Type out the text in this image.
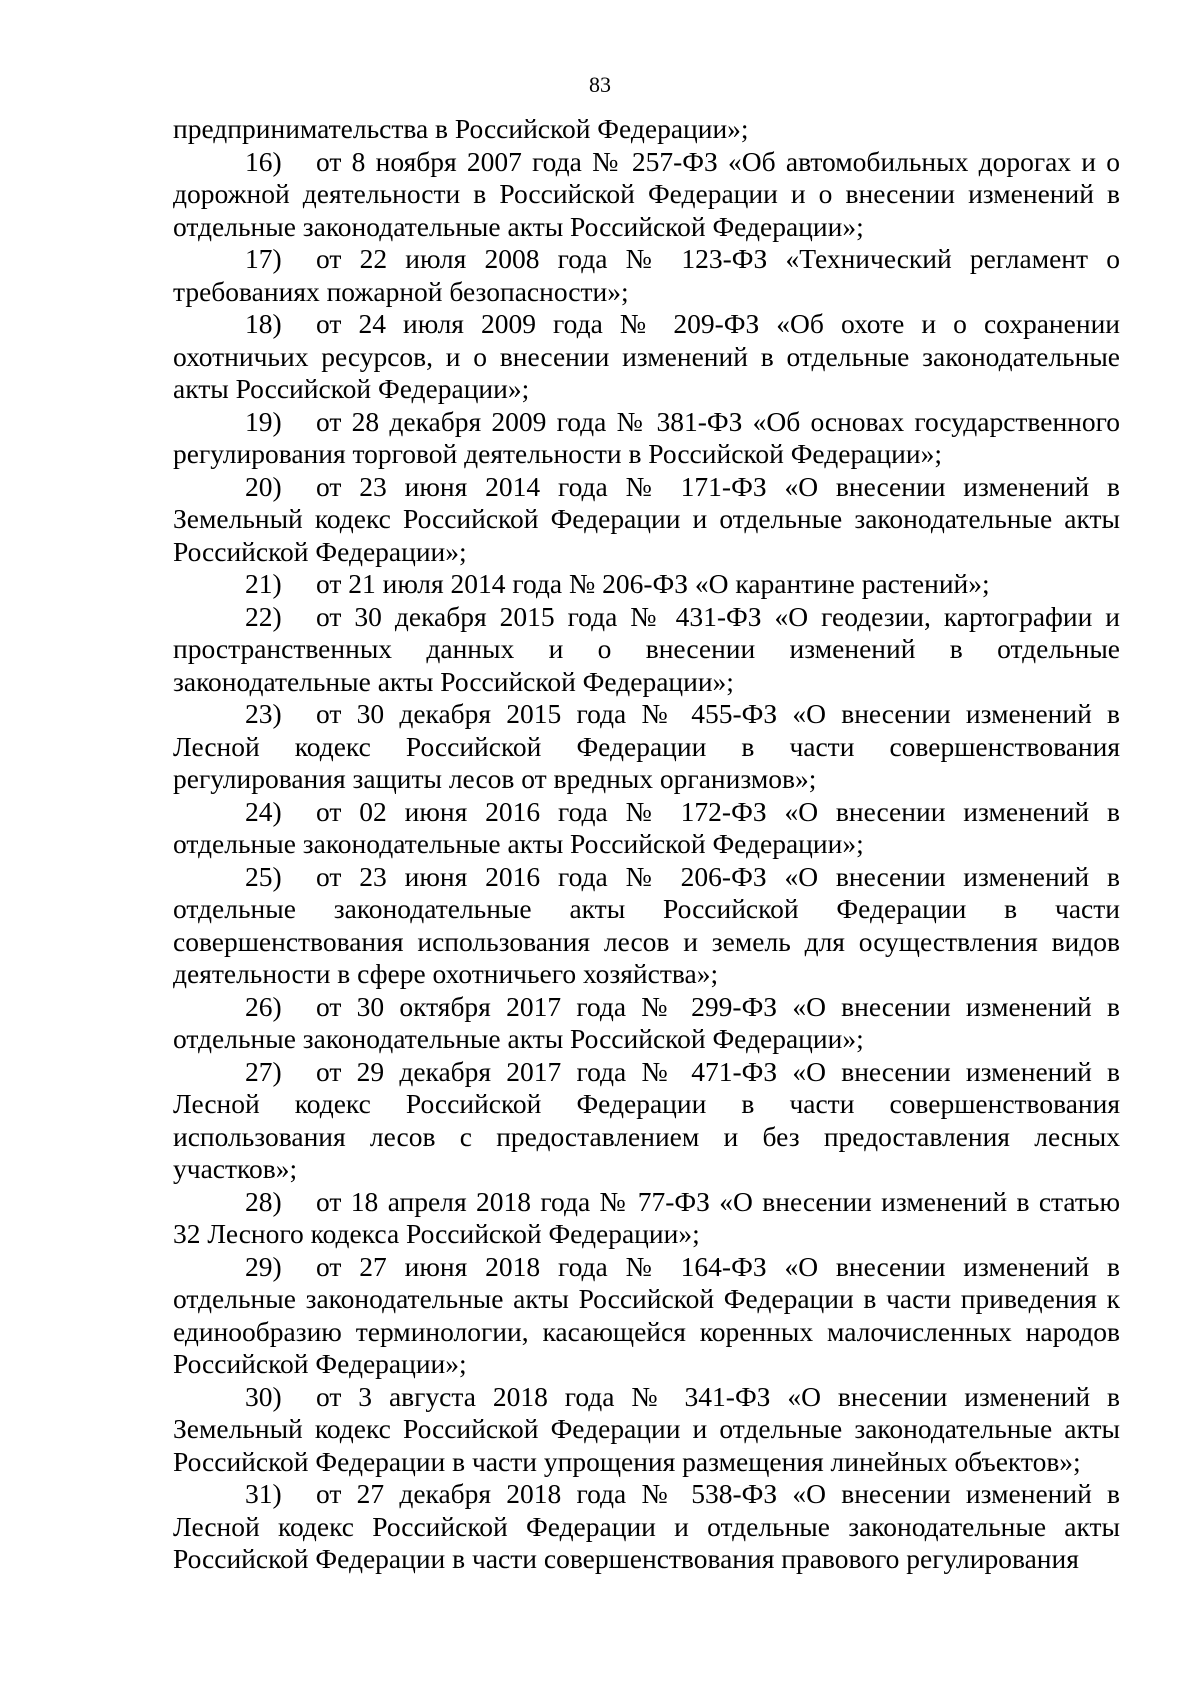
83

предпринимательства в Российской Федерации»;

16) от 8 ноября 2007 года № 257-ФЗ «Об автомобильных дорогах и о дорожной деятельности в Российской Федерации и о внесении изменений в отдельные законодательные акты Российской Федерации»;

17) от 22 июля 2008 года № 123-ФЗ «Технический регламент о требованиях пожарной безопасности»;

18) от 24 июля 2009 года № 209-ФЗ «Об охоте и о сохранении охотничьих ресурсов, и о внесении изменений в отдельные законодательные акты Российской Федерации»;

19) от 28 декабря 2009 года № 381-ФЗ «Об основах государственного регулирования торговой деятельности в Российской Федерации»;

20) от 23 июня 2014 года № 171-ФЗ «О внесении изменений в Земельный кодекс Российской Федерации и отдельные законодательные акты Российской Федерации»;

21) от 21 июля 2014 года № 206-ФЗ «О карантине растений»;

22) от 30 декабря 2015 года № 431-ФЗ «О геодезии, картографии и пространственных данных и о внесении изменений в отдельные законодательные акты Российской Федерации»;

23) от 30 декабря 2015 года № 455-ФЗ «О внесении изменений в Лесной кодекс Российской Федерации в части совершенствования регулирования защиты лесов от вредных организмов»;

24) от 02 июня 2016 года № 172-ФЗ «О внесении изменений в отдельные законодательные акты Российской Федерации»;

25) от 23 июня 2016 года № 206-ФЗ «О внесении изменений в отдельные законодательные акты Российской Федерации в части совершенствования использования лесов и земель для осуществления видов деятельности в сфере охотничьего хозяйства»;

26) от 30 октября 2017 года № 299-ФЗ «О внесении изменений в отдельные законодательные акты Российской Федерации»;

27) от 29 декабря 2017 года № 471-ФЗ «О внесении изменений в Лесной кодекс Российской Федерации в части совершенствования использования лесов с предоставлением и без предоставления лесных участков»;

28) от 18 апреля 2018 года № 77-ФЗ «О внесении изменений в статью 32 Лесного кодекса Российской Федерации»;

29) от 27 июня 2018 года № 164-ФЗ «О внесении изменений в отдельные законодательные акты Российской Федерации в части приведения к единообразию терминологии, касающейся коренных малочисленных народов Российской Федерации»;

30) от 3 августа 2018 года № 341-ФЗ «О внесении изменений в Земельный кодекс Российской Федерации и отдельные законодательные акты Российской Федерации в части упрощения размещения линейных объектов»;

31) от 27 декабря 2018 года № 538-ФЗ «О внесении изменений в Лесной кодекс Российской Федерации и отдельные законодательные акты Российской Федерации в части совершенствования правового регулирования
